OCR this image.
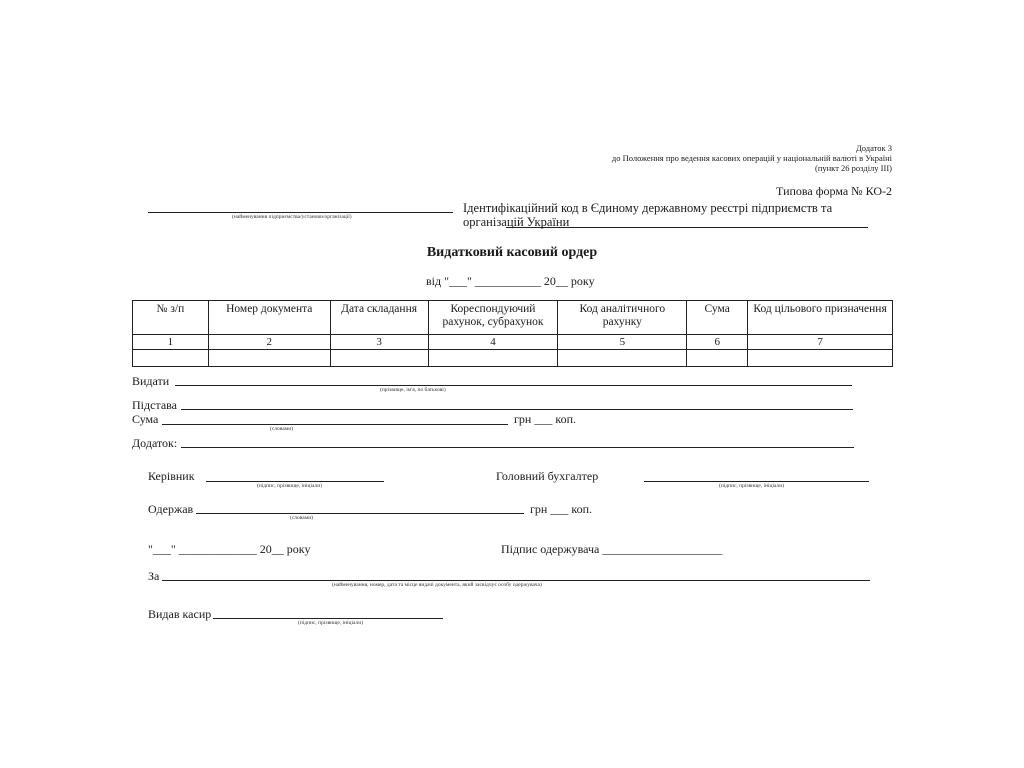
Додаток 3
до Положення про ведення касових операцій у національній валюті в Україні
(пункт 26 розділу ІІІ)
Типова форма № КО-2
(найменування підприємства/установи/організації)
Ідентифікаційний код в Єдиному державному реєстрі підприємств та організацій України
Видатковий касовий ордер
від "___" ___________ 20__ року
№ з/п	Номер документа	Дата складання	Кореспондуючий рахунок, субрахунок	Код аналітичного рахунку	Сума	Код цільового призначення
1	2	3	4	5	6	7

Видати
(прізвище, ім'я, по батькові)
Підстава
Сума
(словами)
грн ___ коп.
Додаток:
Керівник
(підпис, прізвище, ініціали)
Головний бухгалтер
(підпис, прізвище, ініціали)
Одержав
(словами)
грн ___ коп.
"___" _____________ 20__ року	Підпис одержувача ____________________
За
(найменування, номер, дата та місце видачі документа, який засвідчує особу одержувача)
Видав касир
(підпис, прізвище, ініціали)
